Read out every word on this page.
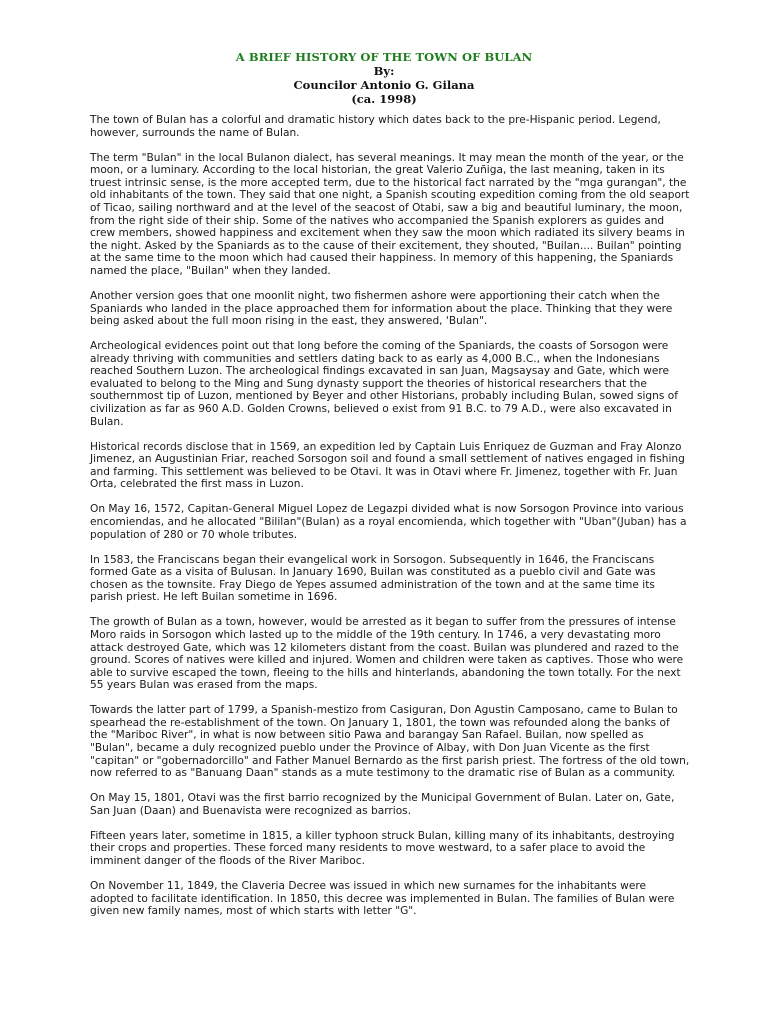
A BRIEF HISTORY OF THE TOWN OF BULAN
By:
Councilor Antonio G. Gilana
(ca. 1998)

The town of Bulan has a colorful and dramatic history which dates back to the pre-Hispanic period. Legend, however, surrounds the name of Bulan.

The term "Bulan" in the local Bulanon dialect, has several meanings. It may mean the month of the year, or the moon, or a luminary. According to the local historian, the great Valerio Zuñiga, the last meaning, taken in its truest intrinsic sense, is the more accepted term, due to the historical fact narrated by the "mga gurangan", the old inhabitants of the town. They said that one night, a Spanish scouting expedition coming from the old seaport of Ticao, sailing northward and at the level of the seacost of Otabi, saw a big and beautiful luminary, the moon, from the right side of their ship. Some of the natives who accompanied the Spanish explorers as guides and crew members, showed happiness and excitement when they saw the moon which radiated its silvery beams in the night. Asked by the Spaniards as to the cause of their excitement, they shouted, "Builan.... Builan" pointing at the same time to the moon which had caused their happiness. In memory of this happening, the Spaniards named the place, "Builan" when they landed.

Another version goes that one moonlit night, two fishermen ashore were apportioning their catch when the Spaniards who landed in the place approached them for information about the place. Thinking that they were being asked about the full moon rising in the east, they answered, 'Bulan".

Archeological evidences point out that long before the coming of the Spaniards, the coasts of Sorsogon were already thriving with communities and settlers dating back to as early as 4,000 B.C., when the Indonesians reached Southern Luzon. The archeological findings excavated in san Juan, Magsaysay and Gate, which were evaluated to belong to the Ming and Sung dynasty support the theories of historical researchers that the southernmost tip of Luzon, mentioned by Beyer and other Historians, probably including Bulan, sowed signs of civilization as far as 960 A.D. Golden Crowns, believed o exist from 91 B.C. to 79 A.D., were also excavated in Bulan.

Historical records disclose that in 1569, an expedition led by Captain Luis Enriquez de Guzman and Fray Alonzo Jimenez, an Augustinian Friar, reached Sorsogon soil and found a small settlement of natives engaged in fishing and farming. This settlement was believed to be Otavi. It was in Otavi where Fr. Jimenez, together with Fr. Juan Orta, celebrated the first mass in Luzon.

On May 16, 1572, Capitan-General Miguel Lopez de Legazpi divided what is now Sorsogon Province into various encomiendas, and he allocated "Bililan"(Bulan) as a royal encomienda, which together with "Uban"(Juban) has a population of 280 or 70 whole tributes.

In 1583, the Franciscans began their evangelical work in Sorsogon. Subsequently in 1646, the Franciscans formed Gate as a visita of Bulusan. In January 1690, Builan was constituted as a pueblo civil and Gate was chosen as the townsite. Fray Diego de Yepes assumed administration of the town and at the same time its parish priest. He left Builan sometime in 1696.

The growth of Bulan as a town, however, would be arrested as it began to suffer from the pressures of intense Moro raids in Sorsogon which lasted up to the middle of the 19th century. In 1746, a very devastating moro attack destroyed Gate, which was 12 kilometers distant from the coast. Builan was plundered and razed to the ground. Scores of natives were killed and injured. Women and children were taken as captives. Those who were able to survive escaped the town, fleeing to the hills and hinterlands, abandoning the town totally. For the next 55 years Bulan was erased from the maps.

Towards the latter part of 1799, a Spanish-mestizo from Casiguran, Don Agustin Camposano, came to Bulan to spearhead the re-establishment of the town. On January 1, 1801, the town was refounded along the banks of the "Mariboc River", in what is now between sitio Pawa and barangay San Rafael. Builan, now spelled as "Bulan", became a duly recognized pueblo under the Province of Albay, with Don Juan Vicente as the first "capitan" or "gobernadorcillo" and Father Manuel Bernardo as the first parish priest. The fortress of the old town, now referred to as "Banuang Daan" stands as a mute testimony to the dramatic rise of Bulan as a community.

On May 15, 1801, Otavi was the first barrio recognized by the Municipal Government of Bulan. Later on, Gate, San Juan (Daan) and Buenavista were recognized as barrios.

Fifteen years later, sometime in 1815, a killer typhoon struck Bulan, killing many of its inhabitants, destroying their crops and properties. These forced many residents to move westward, to a safer place to avoid the imminent danger of the floods of the River Mariboc.

On November 11, 1849, the Claveria Decree was issued in which new surnames for the inhabitants were adopted to facilitate identification. In 1850, this decree was implemented in Bulan. The families of Bulan were given new family names, most of which starts with letter "G".
